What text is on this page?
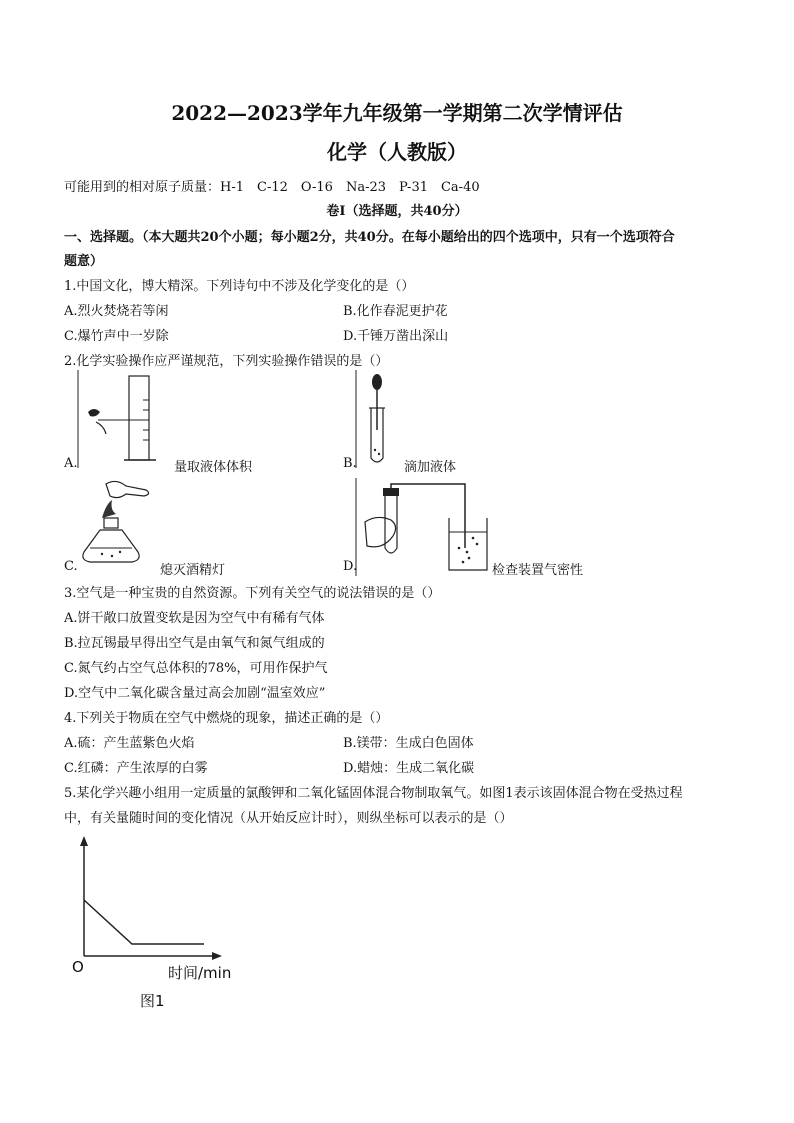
2022—2023学年九年级第一学期第二次学情评估
化学（人教版）
可能用到的相对原子质量：H-1　C-12　O-16　Na-23　P-31　Ca-40
卷Ⅰ（选择题，共40分）
一、选择题。（本大题共20个小题；每小题2分，共40分。在每小题给出的四个选项中，只有一个选项符合
题意）
1.中国文化，博大精深。下列诗句中不涉及化学变化的是（）
A.烈火焚烧若等闲	B.化作春泥更护花
C.爆竹声中一岁除	D.千锤万凿出深山
2.化学实验操作应严谨规范，下列实验操作错误的是（）
A.	量取液体体积	B.	滴加液体
C.	熄灭酒精灯	D.	检查装置气密性
3.空气是一种宝贵的自然资源。下列有关空气的说法错误的是（）
A.饼干敞口放置变软是因为空气中有稀有气体
B.拉瓦锡最早得出空气是由氧气和氮气组成的
C.氮气约占空气总体积的78%，可用作保护气
D.空气中二氧化碳含量过高会加剧“温室效应”
4.下列关于物质在空气中燃烧的现象，描述正确的是（）
A.硫：产生蓝紫色火焰	B.镁带：生成白色固体
C.红磷：产生浓厚的白雾	D.蜡烛：生成二氧化碳
5.某化学兴趣小组用一定质量的氯酸钾和二氧化锰固体混合物制取氧气。如图1表示该固体混合物在受热过程
中，有关量随时间的变化情况（从开始反应计时），则纵坐标可以表示的是（）
O	时间/min
图1
